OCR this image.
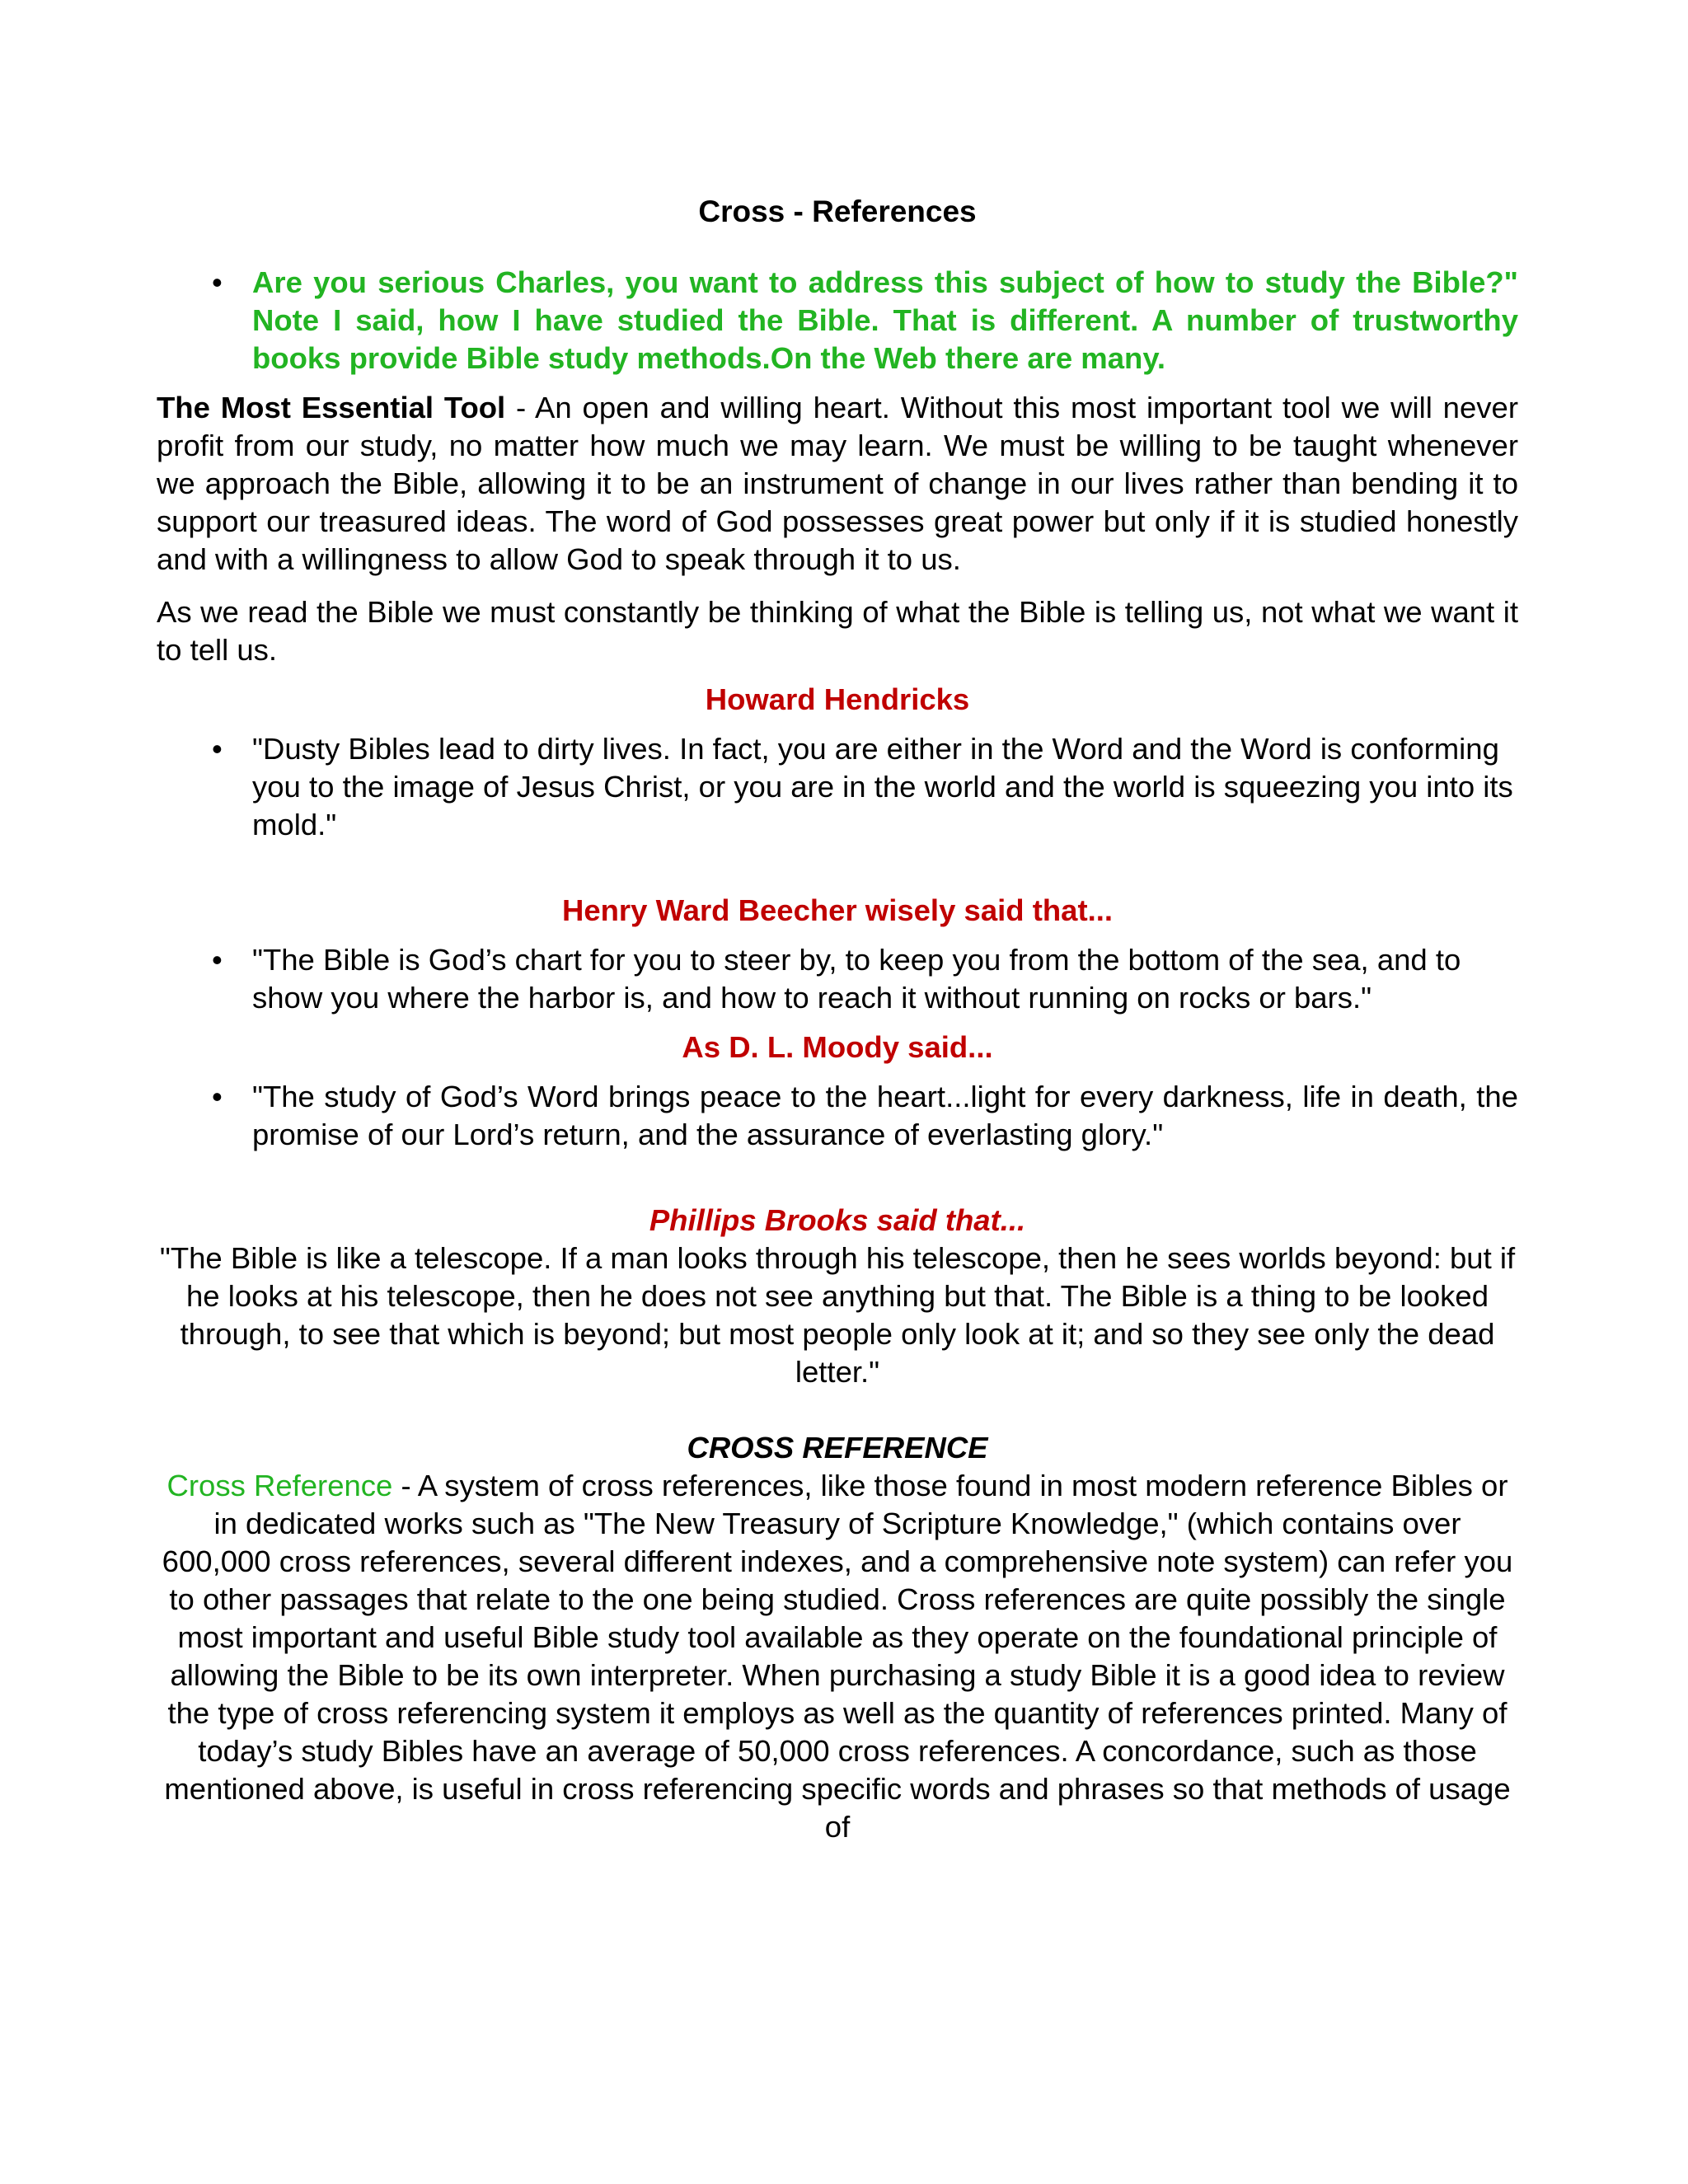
Cross - References
• Are you serious Charles, you want to address this subject of how to study the Bible?" Note I said, how I have studied the Bible. That is different. A number of trustworthy books provide Bible study methods.On the Web there are many.
The Most Essential Tool - An open and willing heart. Without this most important tool we will never profit from our study, no matter how much we may learn. We must be willing to be taught whenever we approach the Bible, allowing it to be an instrument of change in our lives rather than bending it to support our treasured ideas. The word of God possesses great power but only if it is studied honestly and with a willingness to allow God to speak through it to us.
As we read the Bible we must constantly be thinking of what the Bible is telling us, not what we want it to tell us.
Howard Hendricks
• "Dusty Bibles lead to dirty lives. In fact, you are either in the Word and the Word is conforming you to the image of Jesus Christ, or you are in the world and the world is squeezing you into its mold."
Henry Ward Beecher wisely said that...
• "The Bible is God’s chart for you to steer by, to keep you from the bottom of the sea, and to show you where the harbor is, and how to reach it without running on rocks or bars."
As D. L. Moody said...
• "The study of God’s Word brings peace to the heart...light for every darkness, life in death, the promise of our Lord’s return, and the assurance of everlasting glory."
Phillips Brooks said that...
"The Bible is like a telescope. If a man looks through his telescope, then he sees worlds beyond: but if he looks at his telescope, then he does not see anything but that. The Bible is a thing to be looked through, to see that which is beyond; but most people only look at it; and so they see only the dead letter."
CROSS REFERENCE
Cross Reference - A system of cross references, like those found in most modern reference Bibles or in dedicated works such as "The New Treasury of Scripture Knowledge," (which contains over 600,000 cross references, several different indexes, and a comprehensive note system) can refer you to other passages that relate to the one being studied. Cross references are quite possibly the single most important and useful Bible study tool available as they operate on the foundational principle of allowing the Bible to be its own interpreter. When purchasing a study Bible it is a good idea to review the type of cross referencing system it employs as well as the quantity of references printed. Many of today’s study Bibles have an average of 50,000 cross references. A concordance, such as those mentioned above, is useful in cross referencing specific words and phrases so that methods of usage of
